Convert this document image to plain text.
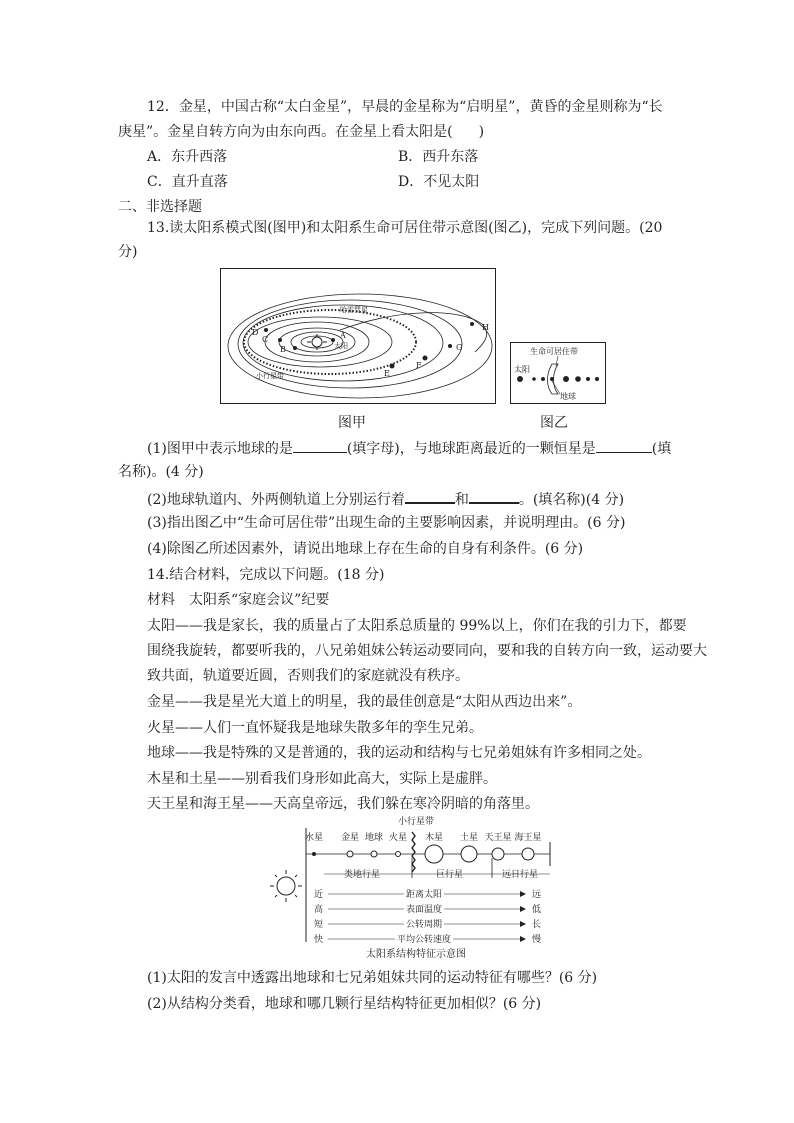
12．金星，中国古称“太白金星”，早晨的金星称为“启明星”，黄昏的金星则称为“长
庚星”。金星自转方向为由东向西。在金星上看太阳是( )
A．东升西落	B．西升东落
C．直升直落	D．不见太阳
二、非选择题
13.读太阳系模式图(图甲)和太阳系生命可居住带示意图(图乙)，完成下列问题。(20
分)
A
B
C
D
E
F
G
H
太阳
哈雷彗星
小行星带
图甲
生命可居住带
太阳
地球
图乙
(1)图甲中表示地球的是	(填字母)，与地球距离最近的一颗恒星是	(填
名称)。(4 分)
(2)地球轨道内、外两侧轨道上分别运行着	和	。(填名称)(4 分)
(3)指出图乙中“生命可居住带”出现生命的主要影响因素，并说明理由。(6 分)
(4)除图乙所述因素外，请说出地球上存在生命的自身有利条件。(6 分)
14.结合材料，完成以下问题。(18 分)
材料　太阳系“家庭会议”纪要
太阳——我是家长，我的质量占了太阳系总质量的 99%以上，你们在我的引力下，都要
围绕我旋转，都要听我的，八兄弟姐妹公转运动要同向，要和我的自转方向一致，运动要大
致共面，轨道要近圆，否则我们的家庭就没有秩序。
金星——我是星光大道上的明星，我的最佳创意是“太阳从西边出来”。
火星——人们一直怀疑我是地球失散多年的孪生兄弟。
地球——我是特殊的又是普通的，我的运动和结构与七兄弟姐妹有许多相同之处。
木星和土星——别看我们身形如此高大，实际上是虚胖。
天王星和海王星——天高皇帝远，我们躲在寒冷阴暗的角落里。
小行星带
水星 金星 地球 火星 木星 土星 天王星 海王星
类地行星	巨行星	远日行星
近	距离太阳	远
高	表面温度	低
短	公转周期	长
快	平均公转速度	慢
太阳系结构特征示意图
(1)太阳的发言中透露出地球和七兄弟姐妹共同的运动特征有哪些？(6 分)
(2)从结构分类看，地球和哪几颗行星结构特征更加相似？(6 分)
